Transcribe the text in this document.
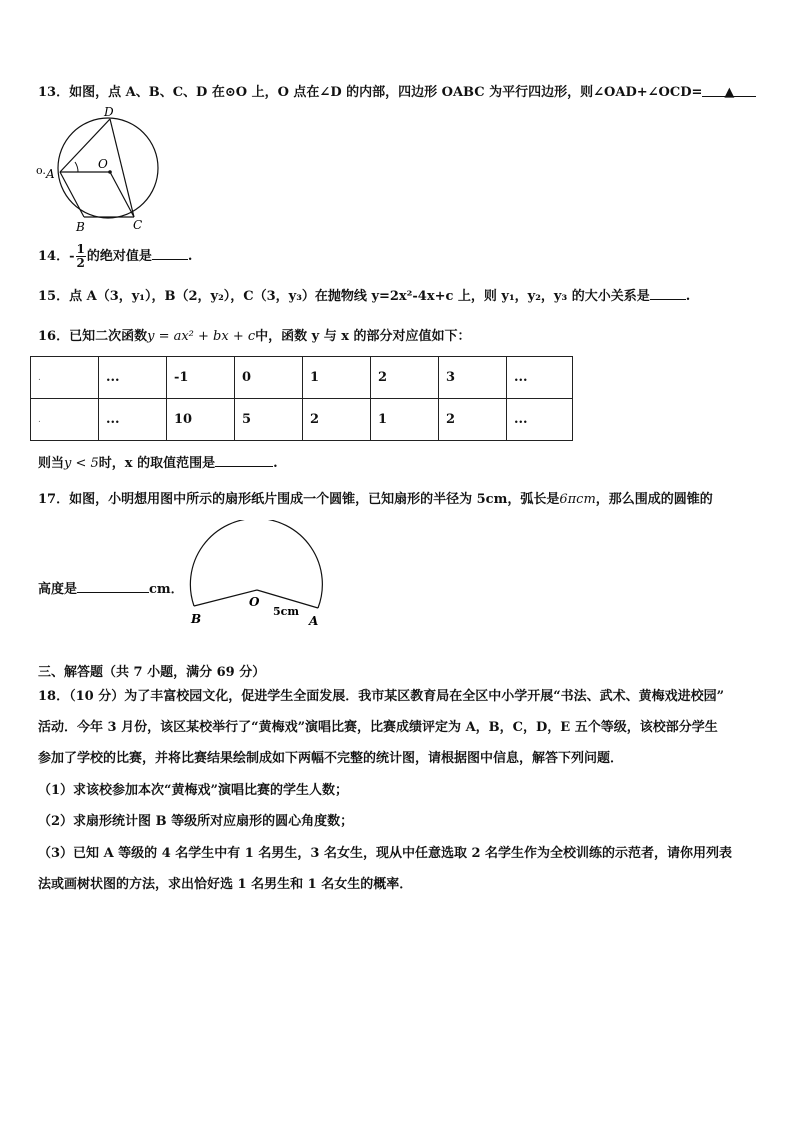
13．如图，点 A、B、C、D 在⊙O 上，O 点在∠D 的内部，四边形 OABC 为平行四边形，则∠OAD+∠OCD= ▲
D
O
o. A
B	C
14．- $\frac{1}{2}$ 的绝对值是	.
15．点 A（3，y₁），B（2，y₂），C（3，y₃）在抛物线 y=2x²-4x+c 上，则 y₁，y₂，y₃ 的大小关系是	.
16．已知二次函数y = ax² + bx + c中，函数 y 与 x 的部分对应值如下：
.	...	-1	0	1	2	3	...
.	...	10	5	2	1	2	...
则当y < 5时，x 的取值范围是	.
17．如图，小明想用图中所示的扇形纸片围成一个圆锥，已知扇形的半径为 5cm，弧长是6πcm，那么围成的圆锥的
高度是	cm．
O
5cm
B	A
三、解答题（共 7 小题，满分 69 分）
18．（10 分）为了丰富校园文化，促进学生全面发展．我市某区教育局在全区中小学开展“书法、武术、黄梅戏进校园”
活动．今年 3 月份，该区某校举行了“黄梅戏”演唱比赛，比赛成绩评定为 A，B，C，D，E 五个等级，该校部分学生
参加了学校的比赛，并将比赛结果绘制成如下两幅不完整的统计图，请根据图中信息，解答下列问题．
（1）求该校参加本次“黄梅戏”演唱比赛的学生人数；
（2）求扇形统计图 B 等级所对应扇形的圆心角度数；
（3）已知 A 等级的 4 名学生中有 1 名男生，3 名女生，现从中任意选取 2 名学生作为全校训练的示范者，请你用列表
法或画树状图的方法，求出恰好选 1 名男生和 1 名女生的概率．
